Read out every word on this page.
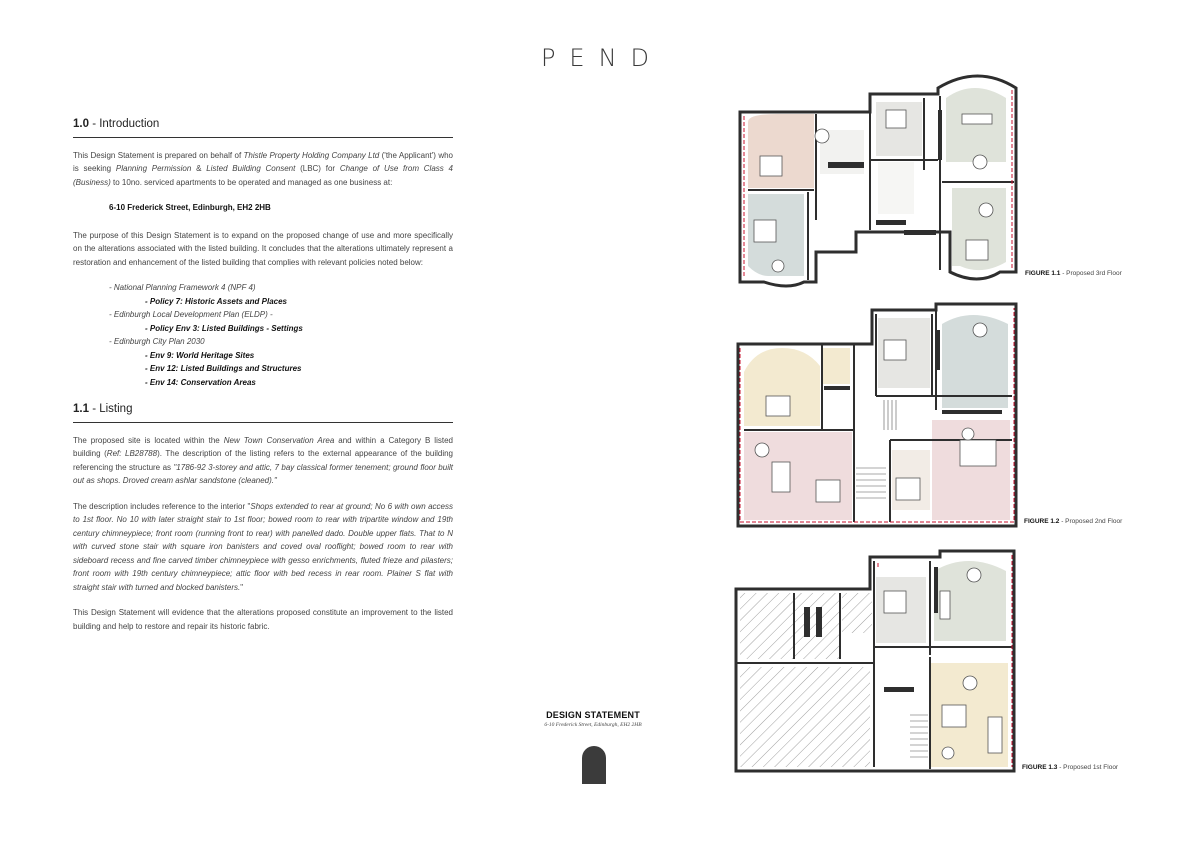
PEND
1.0 - Introduction

This Design Statement is prepared on behalf of Thistle Property Holding Company Ltd ('the Applicant') who is seeking Planning Permission & Listed Building Consent (LBC) for Change of Use from Class 4 (Business) to 10no. serviced apartments to be operated and managed as one business at:

6-10 Frederick Street, Edinburgh, EH2 2HB

The purpose of this Design Statement is to expand on the proposed change of use and more specifically on the alterations associated with the listed building. It concludes that the alterations ultimately represent a restoration and enhancement of the listed building that complies with relevant policies noted below:

- National Planning Framework 4 (NPF 4)
- Policy 7: Historic Assets and Places
- Edinburgh Local Development Plan (ELDP) -
- Policy Env 3: Listed Buildings - Settings
- Edinburgh City Plan 2030
- Env 9: World Heritage Sites
- Env 12: Listed Buildings and Structures
- Env 14: Conservation Areas
1.1 - Listing

The proposed site is located within the New Town Conservation Area and within a Category B listed building (Ref: LB28788). The description of the listing refers to the external appearance of the building referencing the structure as "1786-92 3-storey and attic, 7 bay classical former tenement; ground floor built out as shops. Droved cream ashlar sandstone (cleaned)."

The description includes reference to the interior "Shops extended to rear at ground; No 6 with own access to 1st floor. No 10 with later straight stair to 1st floor; bowed room to rear with tripartite window and 19th century chimneypiece; front room (running front to rear) with panelled dado. Double upper flats. That to N with curved stone stair with square iron banisters and coved oval rooflight; bowed room to rear with sideboard recess and fine carved timber chimneypiece with gesso enrichments, fluted frieze and pilasters; front room with 19th century chimneypiece; attic floor with bed recess in rear room. Plainer S flat with straight stair with turned and blocked banisters."

This Design Statement will evidence that the alterations proposed constitute an improvement to the listed building and help to restore and repair its historic fabric.

DESIGN STATEMENT
6-10 Frederick Street, Edinburgh, EH2 2HB
FIGURE 1.1 - Proposed 3rd Floor
FIGURE 1.2 - Proposed 2nd Floor
FIGURE 1.3 - Proposed 1st Floor
